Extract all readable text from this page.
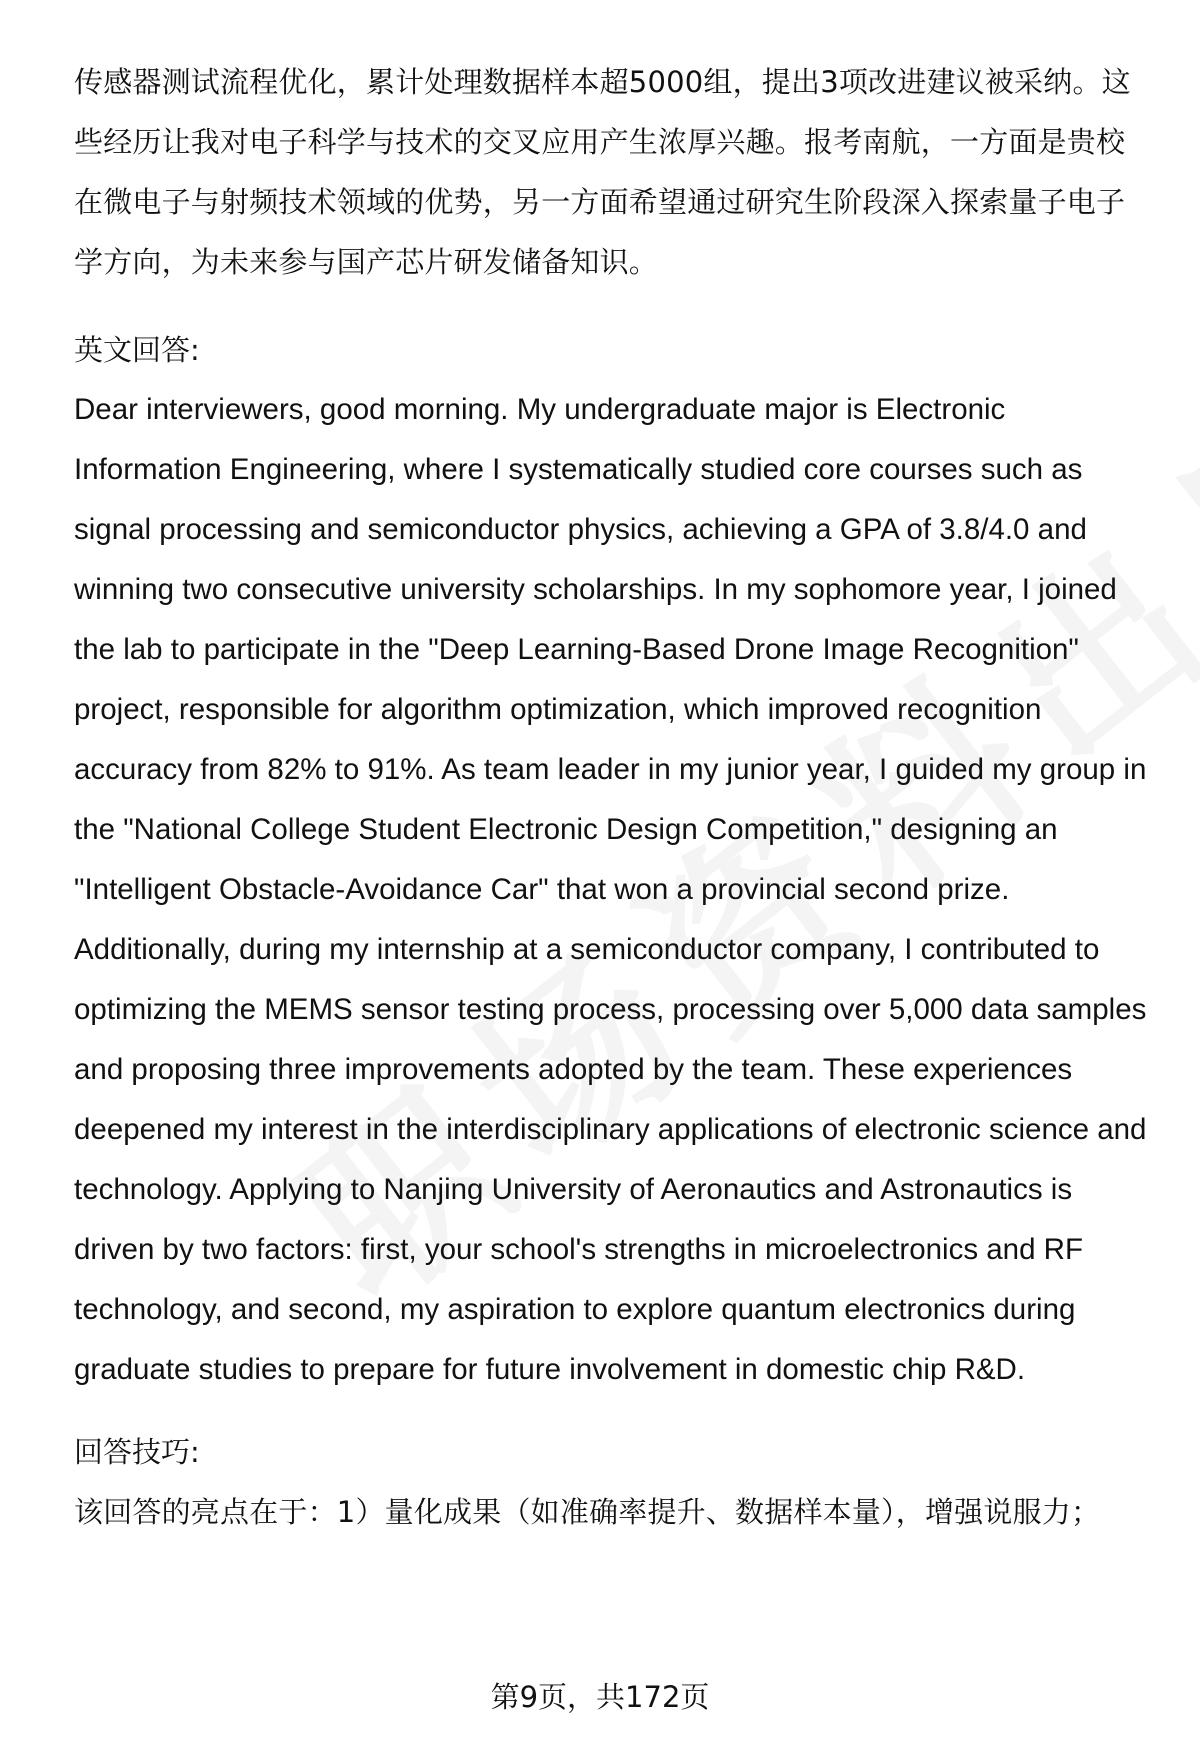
传感器测试流程优化，累计处理数据样本超5000组，提出3项改进建议被采纳。这些经历让我对电子科学与技术的交叉应用产生浓厚兴趣。报考南航，一方面是贵校在微电子与射频技术领域的优势，另一方面希望通过研究生阶段深入探索量子电子学方向，为未来参与国产芯片研发储备知识。

英文回答:

Dear interviewers, good morning. My undergraduate major is Electronic Information Engineering, where I systematically studied core courses such as signal processing and semiconductor physics, achieving a GPA of 3.8/4.0 and winning two consecutive university scholarships. In my sophomore year, I joined the lab to participate in the "Deep Learning-Based Drone Image Recognition" project, responsible for algorithm optimization, which improved recognition accuracy from 82% to 91%. As team leader in my junior year, I guided my group in the "National College Student Electronic Design Competition," designing an "Intelligent Obstacle-Avoidance Car" that won a provincial second prize. Additionally, during my internship at a semiconductor company, I contributed to optimizing the MEMS sensor testing process, processing over 5,000 data samples and proposing three improvements adopted by the team. These experiences deepened my interest in the interdisciplinary applications of electronic science and technology. Applying to Nanjing University of Aeronautics and Astronautics is driven by two factors: first, your school's strengths in microelectronics and RF technology, and second, my aspiration to explore quantum electronics during graduate studies to prepare for future involvement in domestic chip R&D.

回答技巧:

该回答的亮点在于：1）量化成果（如准确率提升、数据样本量），增强说服力；

第9页，共172页
